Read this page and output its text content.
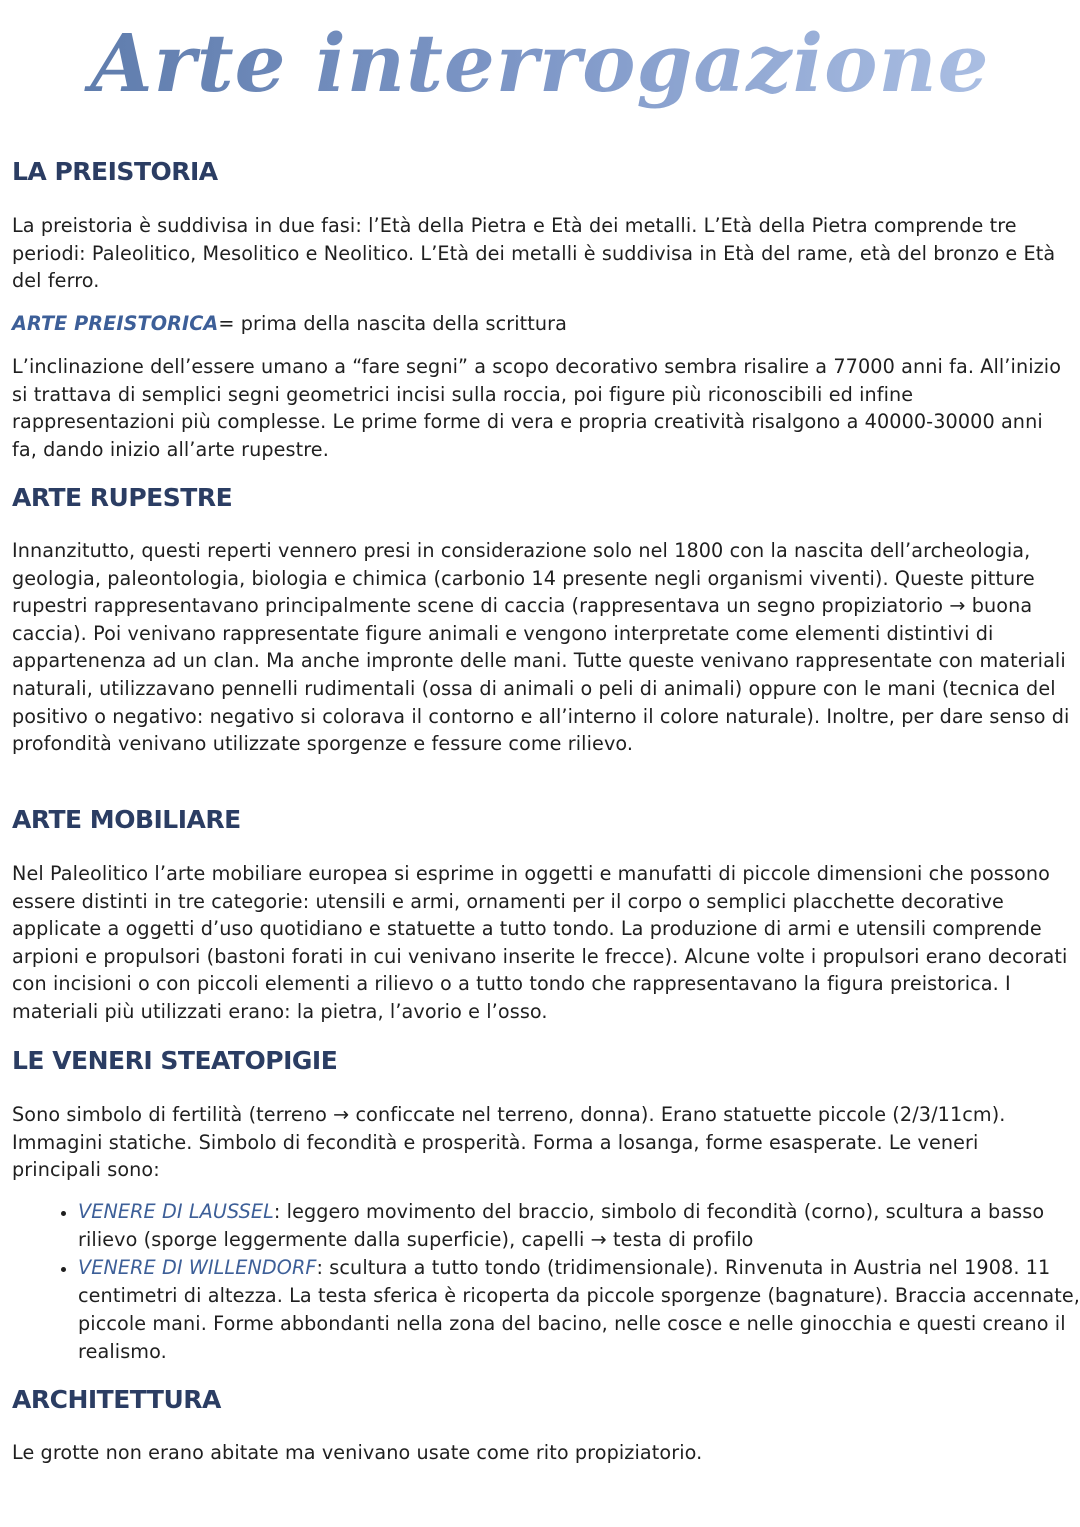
Arte interrogazione
LA PREISTORIA
La preistoria è suddivisa in due fasi: l’Età della Pietra e Età dei metalli. L’Età della Pietra comprende tre periodi: Paleolitico, Mesolitico e Neolitico. L’Età dei metalli è suddivisa in Età del rame, età del bronzo e Età del ferro.
ARTE PREISTORICA= prima della nascita della scrittura
L’inclinazione dell’essere umano a “fare segni” a scopo decorativo sembra risalire a 77000 anni fa. All’inizio si trattava di semplici segni geometrici incisi sulla roccia, poi figure più riconoscibili ed infine rappresentazioni più complesse. Le prime forme di vera e propria creatività risalgono a 40000-30000 anni fa, dando inizio all’arte rupestre.
ARTE RUPESTRE
Innanzitutto, questi reperti vennero presi in considerazione solo nel 1800 con la nascita dell’archeologia, geologia, paleontologia, biologia e chimica (carbonio 14 presente negli organismi viventi). Queste pitture rupestri rappresentavano principalmente scene di caccia (rappresentava un segno propiziatorio → buona caccia). Poi venivano rappresentate figure animali e vengono interpretate come elementi distintivi di appartenenza ad un clan. Ma anche impronte delle mani. Tutte queste venivano rappresentate con materiali naturali, utilizzavano pennelli rudimentali (ossa di animali o peli di animali) oppure con le mani (tecnica del positivo o negativo: negativo si colorava il contorno e all’interno il colore naturale). Inoltre, per dare senso di profondità venivano utilizzate sporgenze e fessure come rilievo.
ARTE MOBILIARE
Nel Paleolitico l’arte mobiliare europea si esprime in oggetti e manufatti di piccole dimensioni che possono essere distinti in tre categorie: utensili e armi, ornamenti per il corpo o semplici placchette decorative applicate a oggetti d’uso quotidiano e statuette a tutto tondo. La produzione di armi e utensili comprende arpioni e propulsori (bastoni forati in cui venivano inserite le frecce). Alcune volte i propulsori erano decorati con incisioni o con piccoli elementi a rilievo o a tutto tondo che rappresentavano la figura preistorica. I materiali più utilizzati erano: la pietra, l’avorio e l’osso.
LE VENERI STEATOPIGIE
Sono simbolo di fertilità (terreno → conficcate nel terreno, donna). Erano statuette piccole (2/3/11cm). Immagini statiche. Simbolo di fecondità e prosperità. Forma a losanga, forme esasperate. Le veneri principali sono:
• VENERE DI LAUSSEL: leggero movimento del braccio, simbolo di fecondità (corno), scultura a basso rilievo (sporge leggermente dalla superficie), capelli → testa di profilo
• VENERE DI WILLENDORF: scultura a tutto tondo (tridimensionale). Rinvenuta in Austria nel 1908. 11 centimetri di altezza. La testa sferica è ricoperta da piccole sporgenze (bagnature). Braccia accennate, piccole mani. Forme abbondanti nella zona del bacino, nelle cosce e nelle ginocchia e questi creano il realismo.
ARCHITETTURA
Le grotte non erano abitate ma venivano usate come rito propiziatorio.
